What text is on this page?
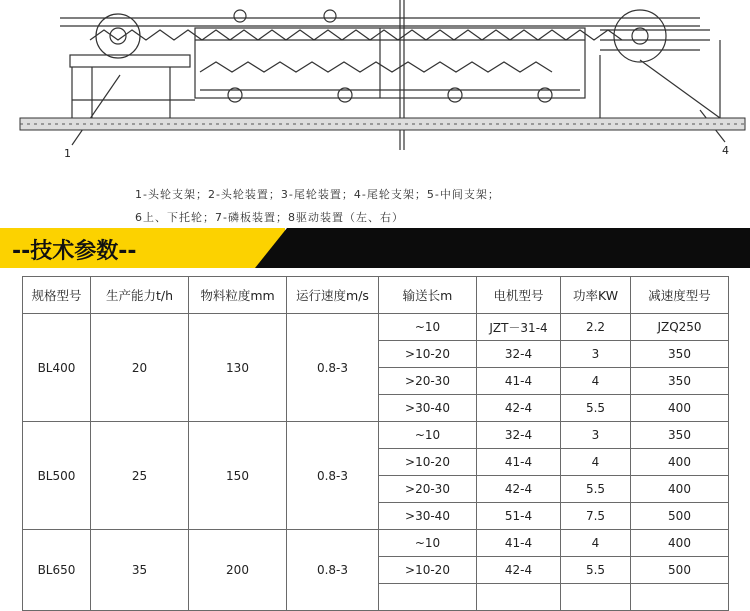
1	4
1-头轮支架；2-头轮装置；3-尾轮装置；4-尾轮支架；5-中间支架；
6上、下托轮；7-磷板装置；8驱动装置（左、右）
--技术参数--
规格型号	生产能力t/h	物料粒度mm	运行速度m/s	输送长m	电机型号	功率KW	减速度型号
BL400	20	130	0.8-3	~10	JZT－31-4	2.2	JZQ250
				>10-20	32-4	3	350
				>20-30	41-4	4	350
				>30-40	42-4	5.5	400
BL500	25	150	0.8-3	~10	32-4	3	350
				>10-20	41-4	4	400
				>20-30	42-4	5.5	400
				>30-40	51-4	7.5	500
BL650	35	200	0.8-3	~10	41-4	4	400
				>10-20	42-4	5.5	500
